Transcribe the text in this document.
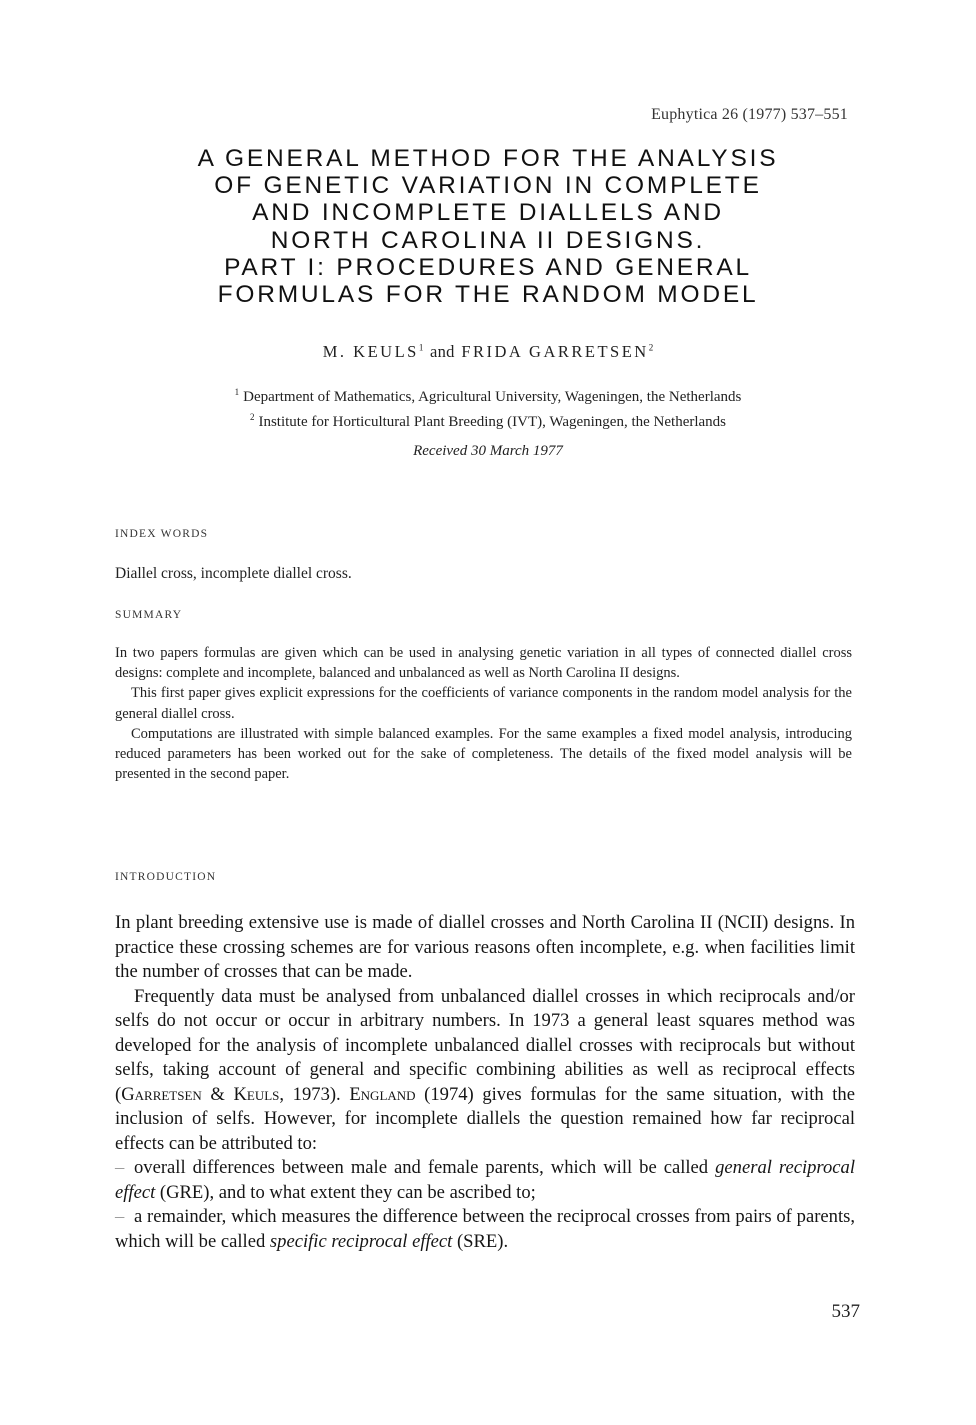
Euphytica 26 (1977) 537–551
A GENERAL METHOD FOR THE ANALYSIS
OF GENETIC VARIATION IN COMPLETE
AND INCOMPLETE DIALLELS AND
NORTH CAROLINA II DESIGNS.
PART I: PROCEDURES AND GENERAL
FORMULAS FOR THE RANDOM MODEL
M. KEULS$^1$ and FRIDA GARRETSEN$^2$
$^1$ Department of Mathematics, Agricultural University, Wageningen, the Netherlands
$^2$ Institute for Horticultural Plant Breeding (IVT), Wageningen, the Netherlands
Received 30 March 1977
INDEX WORDS
Diallel cross, incomplete diallel cross.
SUMMARY

In two papers formulas are given which can be used in analysing genetic variation in all types of connected diallel cross designs: complete and incomplete, balanced and unbalanced as well as North Carolina II designs.

This first paper gives explicit expressions for the coefficients of variance components in the random model analysis for the general diallel cross.

Computations are illustrated with simple balanced examples. For the same examples a fixed model analysis, introducing reduced parameters has been worked out for the sake of completeness. The details of the fixed model analysis will be presented in the second paper.

INTRODUCTION

In plant breeding extensive use is made of diallel crosses and North Carolina II (NCII) designs. In practice these crossing schemes are for various reasons often incomplete, e.g. when facilities limit the number of crosses that can be made.

Frequently data must be analysed from unbalanced diallel crosses in which reciprocals and/or selfs do not occur or occur in arbitrary numbers. In 1973 a general least squares method was developed for the analysis of incomplete unbalanced diallel crosses with reciprocals but without selfs, taking account of general and specific combining abilities as well as reciprocal effects (Garretsen & Keuls, 1973). England (1974) gives formulas for the same situation, with the inclusion of selfs. However, for incomplete diallels the question remained how far reciprocal effects can be attributed to:

– overall differences between male and female parents, which will be called general reciprocal effect (GRE), and to what extent they can be ascribed to;

– a remainder, which measures the difference between the reciprocal crosses from pairs of parents, which will be called specific reciprocal effect (SRE).

537
